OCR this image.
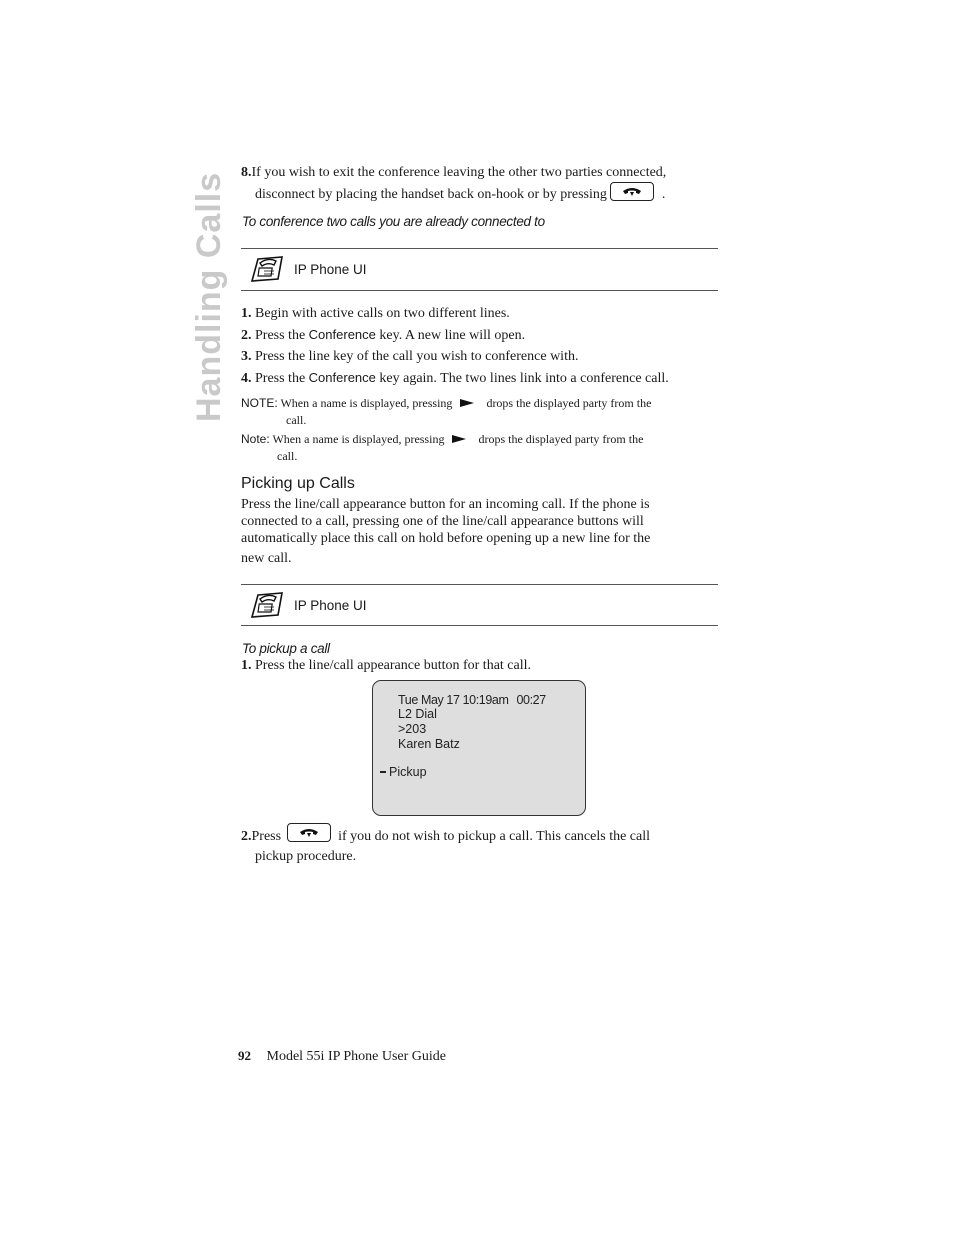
Handling Calls 8.If you wish to exit the conference leaving the other two parties connected,
disconnect by placing the handset back on-hook or by pressing	.
To conference two calls you are already connected to
IP Phone UI
1. Begin with active calls on two different lines.
2. Press the Conference key. A new line will open.
3. Press the line key of the call you wish to conference with.
4. Press the Conference key again. The two lines link into a conference call.
NOTE: When a name is displayed, pressing	drops the displayed party from the
call.
Note: When a name is displayed, pressing	drops the displayed party from the
call.
Picking up Calls
Press the line/call appearance button for an incoming call. If the phone is
connected to a call, pressing one of the line/call appearance buttons will
automatically place this call on hold before opening up a new line for the
new call.
IP Phone UI
To pickup a call
1. Press the line/call appearance button for that call.
Tue May 17 10:19am 00:27
L2 Dial
>203
Karen Batz
Pickup
2.Press	if you do not wish to pickup a call. This cancels the call
pickup procedure.
92 Model 55i IP Phone User Guide
